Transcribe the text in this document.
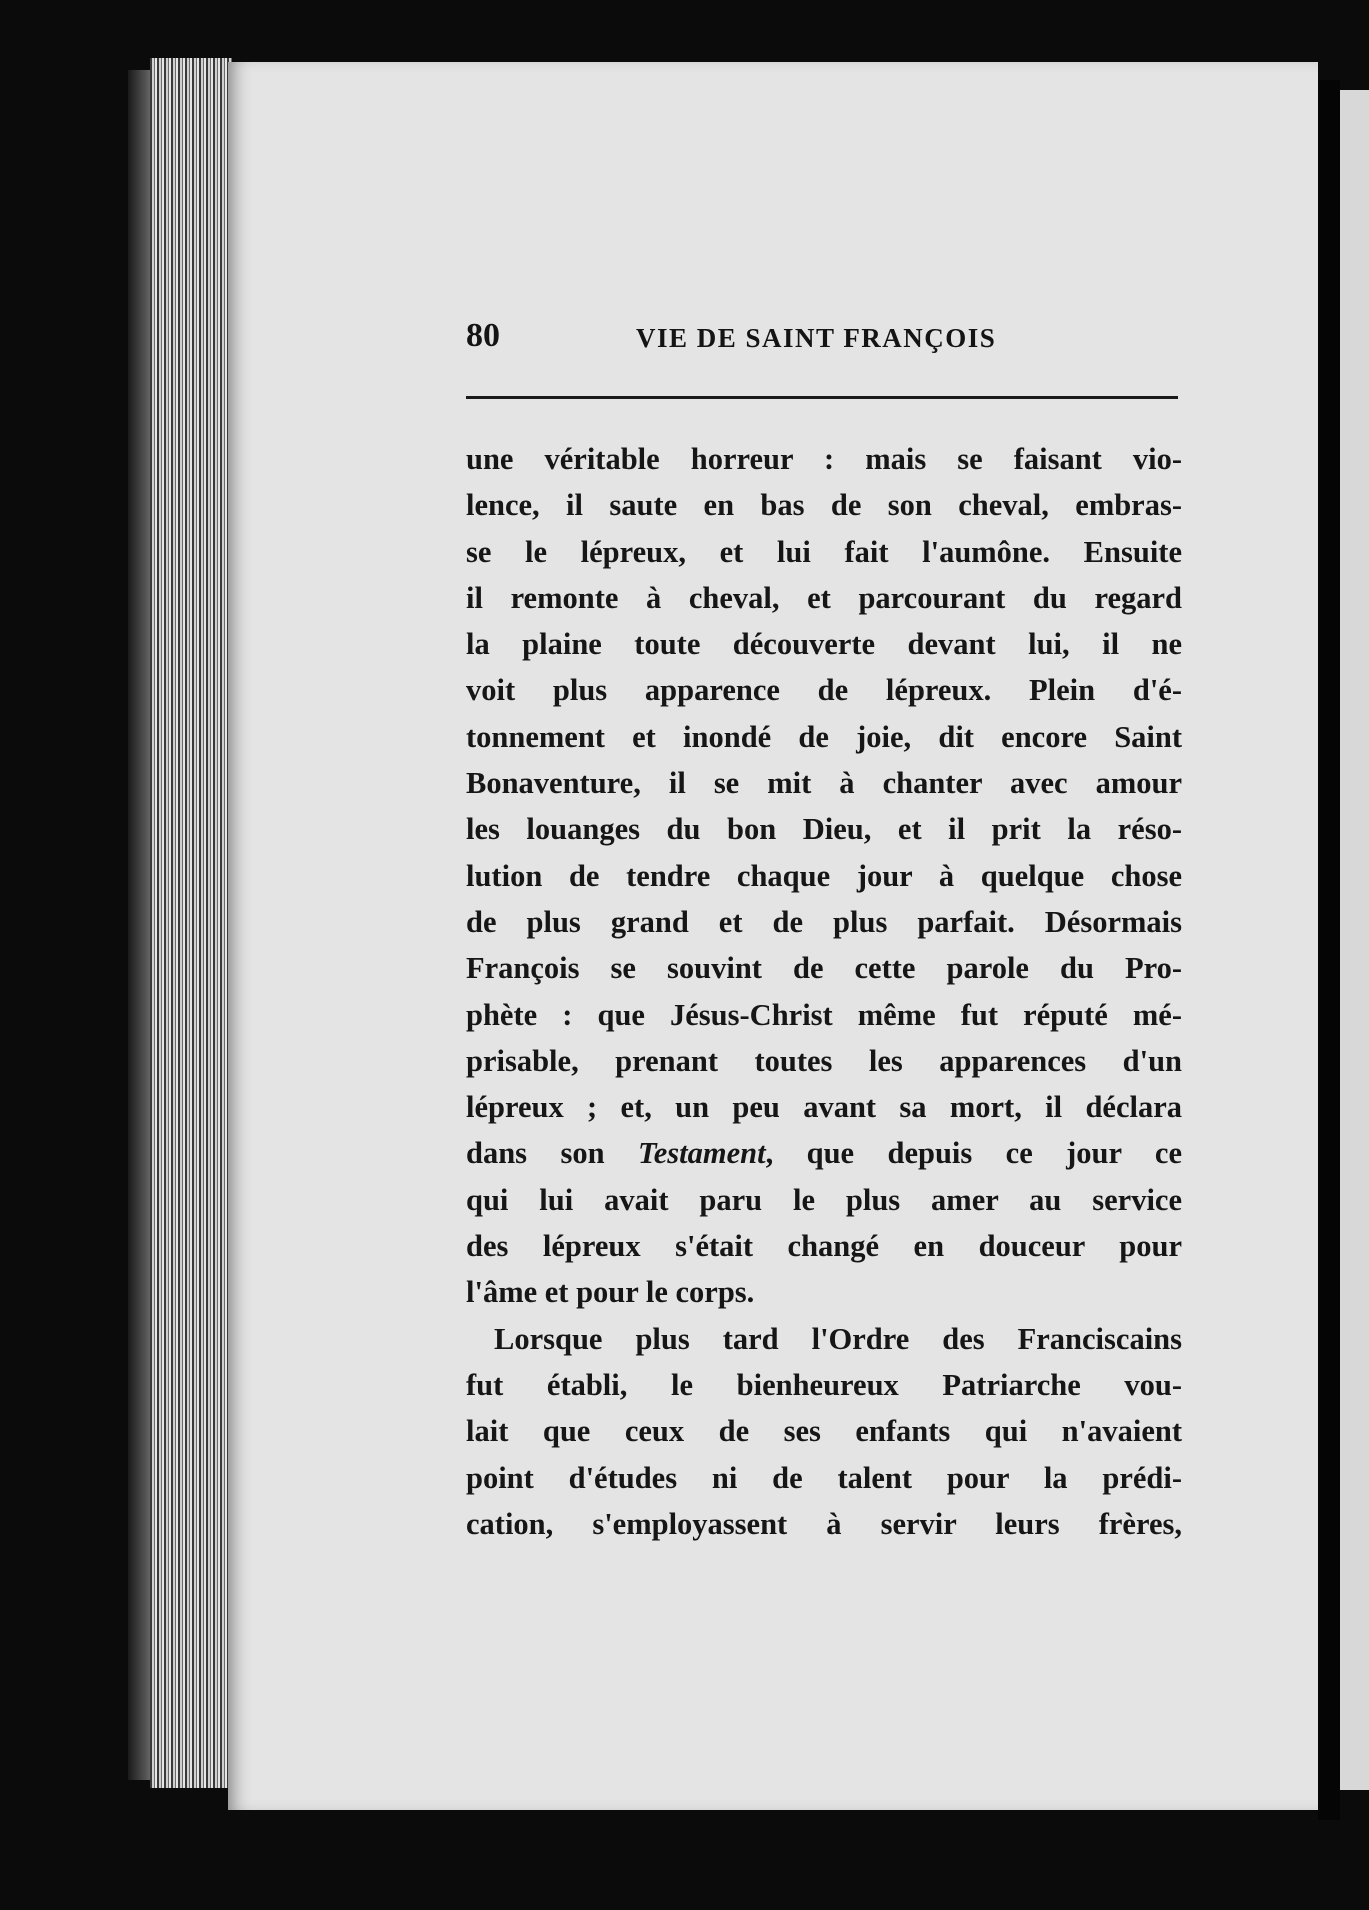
80	VIE DE SAINT FRANÇOIS
une véritable horreur : mais se faisant vio-
lence, il saute en bas de son cheval, embras-
se le lépreux, et lui fait l'aumône. Ensuite
il remonte à cheval, et parcourant du regard
la plaine toute découverte devant lui, il ne
voit plus apparence de lépreux. Plein d'é-
tonnement et inondé de joie, dit encore Saint
Bonaventure, il se mit à chanter avec amour
les louanges du bon Dieu, et il prit la réso-
lution de tendre chaque jour à quelque chose
de plus grand et de plus parfait. Désormais
François se souvint de cette parole du Pro-
phète : que Jésus-Christ même fut réputé mé-
prisable, prenant toutes les apparences d'un
lépreux ; et, un peu avant sa mort, il déclara
dans son Testament, que depuis ce jour ce
qui lui avait paru le plus amer au service
des lépreux s'était changé en douceur pour
l'âme et pour le corps.
Lorsque plus tard l'Ordre des Franciscains
fut établi, le bienheureux Patriarche vou-
lait que ceux de ses enfants qui n'avaient
point d'études ni de talent pour la prédi-
cation, s'employassent à servir leurs frères,
